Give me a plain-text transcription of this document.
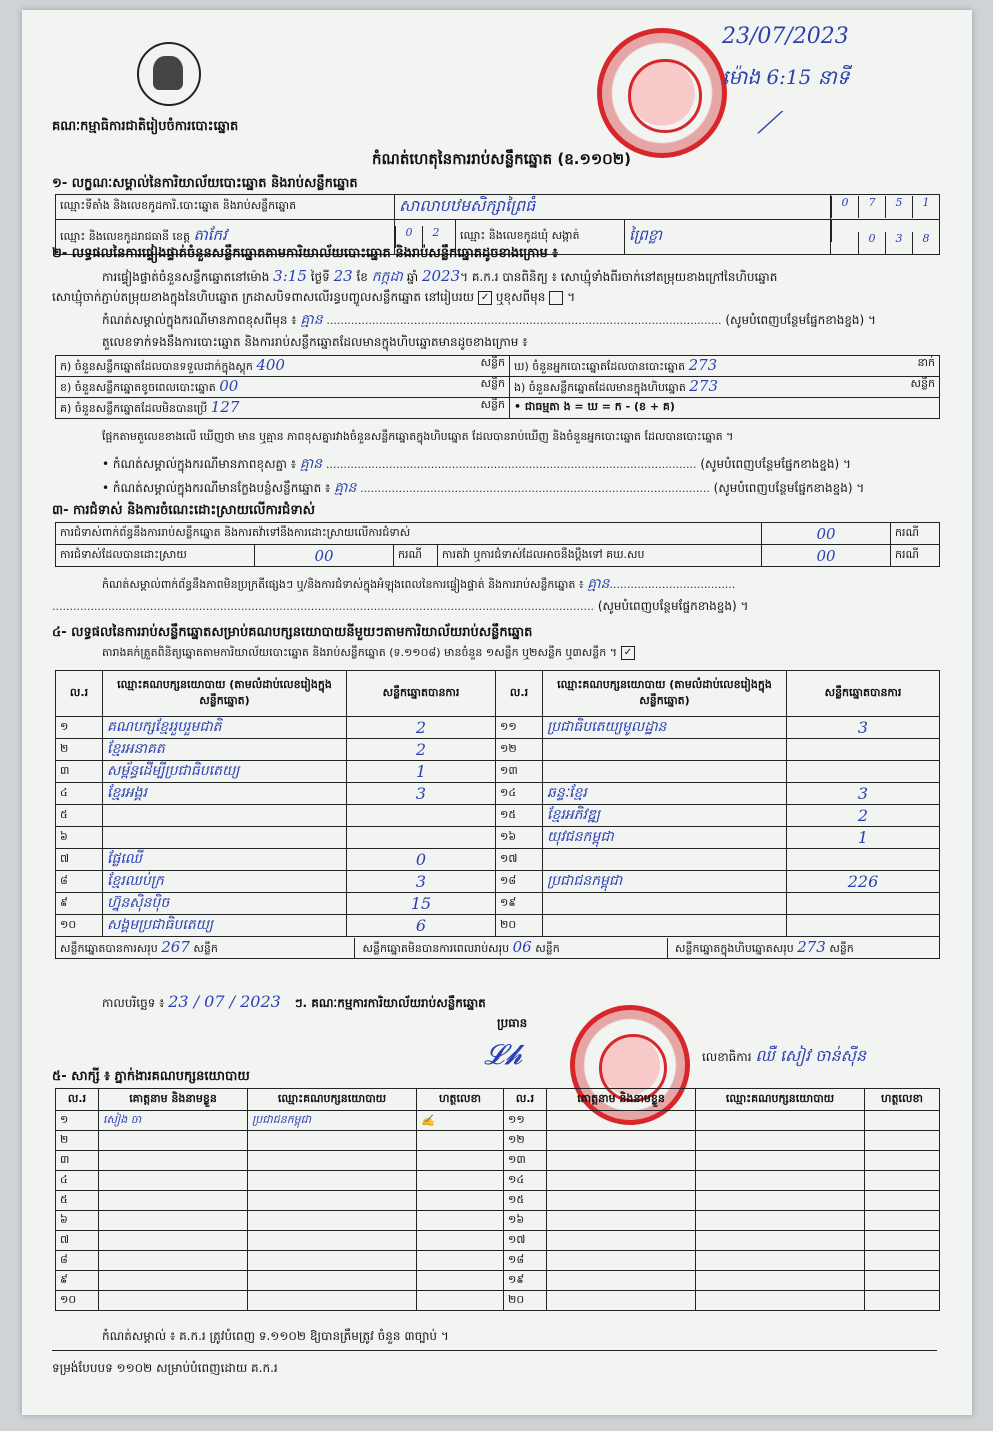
23/07/2023
ម៉ោង 6:15 នាទី
⟋
គណៈកម្មាធិការជាតិរៀបចំការបោះឆ្នោត
កំណត់ហេតុនៃការរាប់សន្លឹកឆ្នោត (ឧ.១១០២)
១- លក្ខណៈសម្គាល់នៃការិយាល័យបោះឆ្នោត និងរាប់សន្លឹកឆ្នោត
ឈ្មោះទីតាំង និងលេខកូដការិ.បោះឆ្នោត និងរាប់សន្លឹកឆ្នោត	សាលាបឋមសិក្សាព្រៃធំ			0 7 5 1
ឈ្មោះ និងលេខកូដរាជធានី ខេត្ត តាកែវ	0 2	ឈ្មោះ និងលេខកូដឃុំ សង្កាត់	ព្រៃខ្លា	0 3 8
២- លទ្ធផលនៃការផ្ទៀងផ្ទាត់ចំនួនសន្លឹកឆ្នោតតាមការិយាល័យបោះឆ្នោត និងរាប់សន្លឹកឆ្នោតដូចខាងក្រោម ៖
ការផ្ទៀងផ្ទាត់ចំនួនសន្លឹកឆ្នោតនៅម៉ោង 3:15 ថ្ងៃទី 23 ខែ កក្កដា ឆ្នាំ 2023។ គ.ក.រ បានពិនិត្យ ៖ សោឃ្មុំទាំងពីរចាក់នៅតម្រុយខាងក្រៅនៃហិបឆ្នោត
សោឃ្មុំចាក់ភ្ជាប់តម្រុយខាងក្នុងនៃហិបឆ្នោត ក្រដាសបិទពាសលើរន្ធបញ្ចូលសន្លឹកឆ្នោត នៅរៀបរយ ✓ ឬខុសពីមុន ។
កំណត់សម្គាល់ក្នុងករណីមានភាពខុសពីមុន ៖ គ្មាន ................................................................................................................. (សូមបំពេញបន្ថែមផ្នែកខាងខ្នង) ។
តួលេខទាក់ទងនឹងការបោះឆ្នោត និងការរាប់សន្លឹកឆ្នោតដែលមានក្នុងហិបឆ្នោតមានដូចខាងក្រោម ៖
ក) ចំនួនសន្លឹកឆ្នោតដែលបានទទួលដាក់ក្នុងស្តុក 400 សន្លឹក	ឃ) ចំនួនអ្នកបោះឆ្នោតដែលបានបោះឆ្នោត 273 នាក់

ខ) ចំនួនសន្លឹកឆ្នោតខូចពេលបោះឆ្នោត 00 សន្លឹក	ង) ចំនួនសន្លឹកឆ្នោតដែលមានក្នុងហិបឆ្នោត 273 សន្លឹក

គ) ចំនួនសន្លឹកឆ្នោតដែលមិនបានប្រើ 127 សន្លឹក	• ជាធម្មតា ង = ឃ = ក - (ខ + គ)
ផ្អែកតាមតួលេខខាងលើ ឃើញថា មាន ឬគ្មាន ភាពខុសគ្នារវាងចំនួនសន្លឹកឆ្នោតក្នុងហិបឆ្នោត ដែលបានរាប់ឃើញ និងចំនួនអ្នកបោះឆ្នោត ដែលបានបោះឆ្នោត ។
• កំណត់សម្គាល់ក្នុងករណីមានភាពខុសគ្នា ៖ គ្មាន .......................................................................................................... (សូមបំពេញបន្ថែមផ្នែកខាងខ្នង) ។
• កំណត់សម្គាល់ក្នុងករណីមានក្លែងបន្លំសន្លឹកឆ្នោត ៖ គ្មាន .................................................................................................... (សូមបំពេញបន្ថែមផ្នែកខាងខ្នង) ។
៣- ការជំទាស់ និងការចំណេះដោះស្រាយលើការជំទាស់
ការជំទាស់ពាក់ព័ន្ធនឹងការរាប់សន្លឹកឆ្នោត និងការតវ៉ាទៅនឹងការដោះស្រាយលើការជំទាស់				00	ករណី
ការជំទាស់ដែលបានដោះស្រាយ	00	ករណី	ការតវ៉ា ឬការជំទាស់ដែលអាចនឹងប្តឹងទៅ គឃ.សប	00	ករណី
កំណត់សម្គាល់ពាក់ព័ន្ធនឹងភាពមិនប្រក្រតីផ្សេងៗ ឬ/និងការជំទាស់ក្នុងអំឡុងពេលនៃការផ្ទៀងផ្ទាត់ និងការរាប់សន្លឹកឆ្នោត ៖ គ្មាន....................................
........................................................................................................................................................... (សូមបំពេញបន្ថែមផ្នែកខាងខ្នង) ។
៤- លទ្ធផលនៃការរាប់សន្លឹកឆ្នោតសម្រាប់គណបក្សនយោបាយនីមួយៗតាមការិយាល័យរាប់សន្លឹកឆ្នោត
តារាងគក់ត្រួតពិនិត្យឆ្នោតតាមការិយាល័យបោះឆ្នោត និងរាប់សន្លឹកឆ្នោត (ទ.១១០៨) មានចំនួន ១សន្លឹក ឬ២សន្លឹក ឬ៣សន្លឹក ។ ✓
ល.រ	ឈ្មោះគណបក្សនយោបាយ (តាមលំដាប់លេខរៀងក្នុងសន្លឹកឆ្នោត)	សន្លឹកឆ្នោតបានការ	ល.រ	ឈ្មោះគណបក្សនយោបាយ (តាមលំដាប់លេខរៀងក្នុងសន្លឹកឆ្នោត)	សន្លឹកឆ្នោតបានការ
១	គណបក្សខ្មែររួបរួមជាតិ	2	១១	ប្រជាធិបតេយ្យមូលដ្ឋាន	3
២	ខ្មែរអនាគត	2	១២		
៣	សម្ព័ន្ធដើម្បីប្រជាធិបតេយ្យ	1	១៣		
៤	ខ្មែរអង្គរ	3	១៤	ឆន្ទៈខ្មែរ	3
៥			១៥	ខ្មែរអភិវឌ្ឍ	2
៦			១៦	យុវជនកម្ពុជា	1
៧	ផ្លែឈើ	0	១៧		
៨	ខ្មែរឈប់ក្រ	3	១៨	ប្រជាជនកម្ពុជា	226
៩	ហ្វ៊ុនស៊ិនប៉ិច	15	១៩		
១០	សង្គមប្រជាធិបតេយ្យ	6	២០		
សន្លឹកឆ្នោតបានការសរុប 267 សន្លឹក សន្លឹកឆ្នោតមិនបានការពេលរាប់សរុប 06 សន្លឹក សន្លឹកឆ្នោតក្នុងហិបឆ្នោតសរុប 273 សន្លឹក					
កាលបរិច្ឆេទ ៖ 23 / 07 / 2023 ៗ. គណៈកម្មការការិយាល័យរាប់សន្លឹកឆ្នោត
ប្រធាន
𝓛𝓱	លេខាធិការ ឈឺ សៀវ ចាន់ស៊ីន
៥- សាក្សី ៖ ភ្នាក់ងារគណបក្សនយោបាយ
ល.រ	គោត្តនាម និងនាមខ្លួន	ឈ្មោះគណបក្សនយោបាយ	ហត្ថលេខា	ល.រ	គោត្តនាម និងនាមខ្លួន	ឈ្មោះគណបក្សនយោបាយ	ហត្ថលេខា
១	សៀង ចា	ប្រជាជនកម្ពុជា	✍	១១			
២				១២			
៣				១៣			
៤				១៤			
៥				១៥			
៦				១៦			
៧				១៧			
៨				១៨			
៩				១៩			
១០				២០			
កំណត់សម្គាល់ ៖ គ.ក.រ ត្រូវបំពេញ ទ.១១០២ ឱ្យបានត្រឹមត្រូវ ចំនួន ៣ច្បាប់ ។
ទម្រង់បែបបទ ១១០២ សម្រាប់បំពេញដោយ គ.ក.រ
